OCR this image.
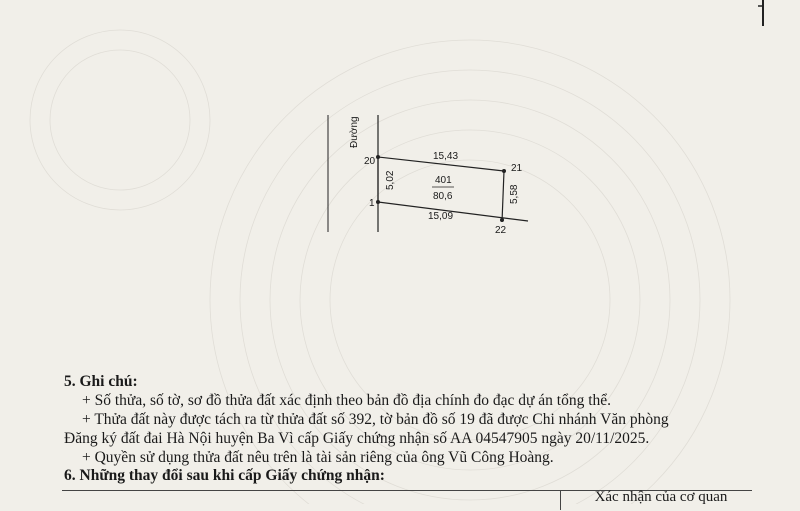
Đường
20
21
1
22
15,43
15,09
5,02
5,58
401
80,6
5. Ghi chú:
+ Số thửa, số tờ, sơ đồ thửa đất xác định theo bản đồ địa chính đo đạc dự án tổng thể.
+ Thửa đất này được tách ra từ thửa đất số 392, tờ bản đồ số 19 đã được Chi nhánh Văn phòng
Đăng ký đất đai Hà Nội huyện Ba Vì cấp Giấy chứng nhận số AA 04547905 ngày 20/11/2025.
+ Quyền sử dụng thửa đất nêu trên là tài sản riêng của ông Vũ Công Hoàng.
6. Những thay đổi sau khi cấp Giấy chứng nhận:
Xác nhận của cơ quan
